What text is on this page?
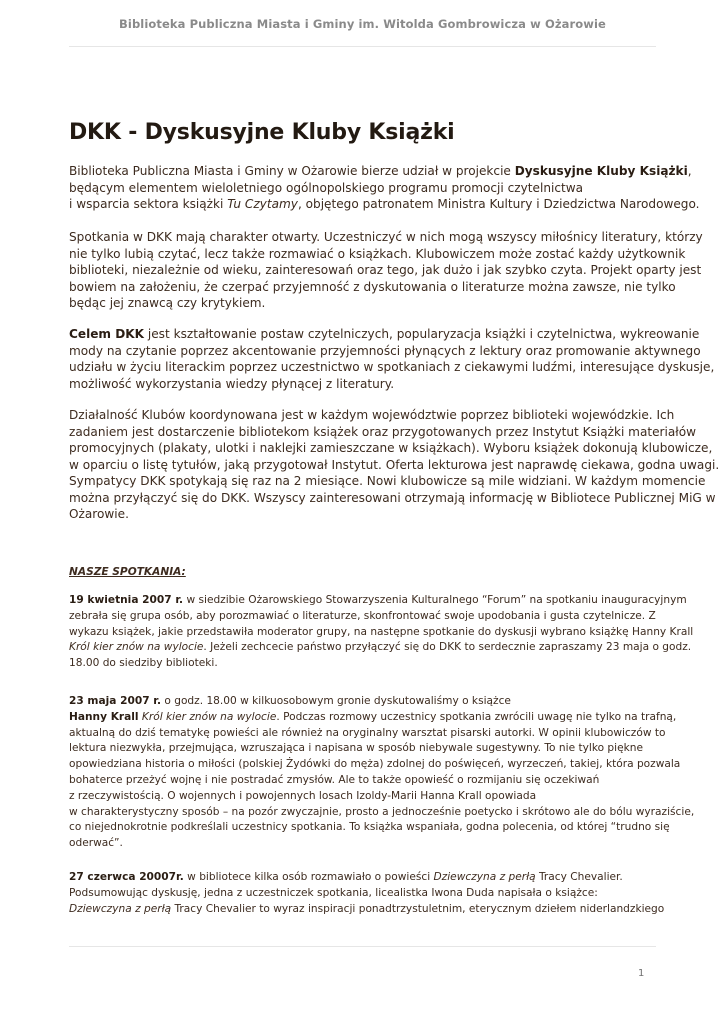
Biblioteka Publiczna Miasta i Gminy im. Witolda Gombrowicza w Ożarowie
DKK - Dyskusyjne Kluby Książki
Biblioteka Publiczna Miasta i Gminy w Ożarowie bierze udział w projekcie Dyskusyjne Kluby Książki,
będącym elementem wieloletniego ogólnopolskiego programu promocji czytelnictwa
i wsparcia sektora książki Tu Czytamy, objętego patronatem Ministra Kultury i Dziedzictwa Narodowego.
Spotkania w DKK mają charakter otwarty. Uczestniczyć w nich mogą wszyscy miłośnicy literatury, którzy
nie tylko lubią czytać, lecz także rozmawiać o książkach. Klubowiczem może zostać każdy użytkownik
biblioteki, niezależnie od wieku, zainteresowań oraz tego, jak dużo i jak szybko czyta. Projekt oparty jest
bowiem na założeniu, że czerpać przyjemność z dyskutowania o literaturze można zawsze, nie tylko
będąc jej znawcą czy krytykiem.
Celem DKK jest kształtowanie postaw czytelniczych, popularyzacja książki i czytelnictwa, wykreowanie
mody na czytanie poprzez akcentowanie przyjemności płynących z lektury oraz promowanie aktywnego
udziału w życiu literackim poprzez uczestnictwo w spotkaniach z ciekawymi ludźmi, interesujące dyskusje,
możliwość wykorzystania wiedzy płynącej z literatury.
Działalność Klubów koordynowana jest w każdym województwie poprzez biblioteki wojewódzkie. Ich
zadaniem jest dostarczenie bibliotekom książek oraz przygotowanych przez Instytut Książki materiałów
promocyjnych (plakaty, ulotki i naklejki zamieszczane w książkach). Wyboru książek dokonują klubowicze,
w oparciu o listę tytułów, jaką przygotował Instytut. Oferta lekturowa jest naprawdę ciekawa, godna uwagi.
Sympatycy DKK spotykają się raz na 2 miesiące. Nowi klubowicze są mile widziani. W każdym momencie
można przyłączyć się do DKK. Wszyscy zainteresowani otrzymają informację w Bibliotece Publicznej MiG w
Ożarowie.
NASZE SPOTKANIA:
19 kwietnia 2007 r. w siedzibie Ożarowskiego Stowarzyszenia Kulturalnego “Forum” na spotkaniu inauguracyjnym
zebrała się grupa osób, aby porozmawiać o literaturze, skonfrontować swoje upodobania i gusta czytelnicze. Z
wykazu książek, jakie przedstawiła moderator grupy, na następne spotkanie do dyskusji wybrano książkę Hanny Krall
Król kier znów na wylocie. Jeżeli zechcecie państwo przyłączyć się do DKK to serdecznie zapraszamy 23 maja o godz.
18.00 do siedziby biblioteki.
23 maja 2007 r. o godz. 18.00 w kilkuosobowym gronie dyskutowaliśmy o książce
Hanny Krall Król kier znów na wylocie. Podczas rozmowy uczestnicy spotkania zwrócili uwagę nie tylko na trafną,
aktualną do dziś tematykę powieści ale również na oryginalny warsztat pisarski autorki. W opinii klubowiczów to
lektura niezwykła, przejmująca, wzruszająca i napisana w sposób niebywale sugestywny. To nie tylko piękne
opowiedziana historia o miłości (polskiej Żydówki do męża) zdolnej do poświęceń, wyrzeczeń, takiej, która pozwala
bohaterce przeżyć wojnę i nie postradać zmysłów. Ale to także opowieść o rozmijaniu się oczekiwań
z rzeczywistością. O wojennych i powojennych losach Izoldy-Marii Hanna Krall opowiada
w charakterystyczny sposób – na pozór zwyczajnie, prosto a jednocześnie poetycko i skrótowo ale do bólu wyraziście,
co niejednokrotnie podkreślali uczestnicy spotkania. To książka wspaniała, godna polecenia, od której “trudno się
oderwać”.
27 czerwca 20007r. w bibliotece kilka osób rozmawiało o powieści Dziewczyna z perłą Tracy Chevalier.
Podsumowując dyskusję, jedna z uczestniczek spotkania, licealistka Iwona Duda napisała o książce:
Dziewczyna z perłą Tracy Chevalier to wyraz inspiracji ponadtrzystuletnim, eterycznym dziełem niderlandzkiego
1
